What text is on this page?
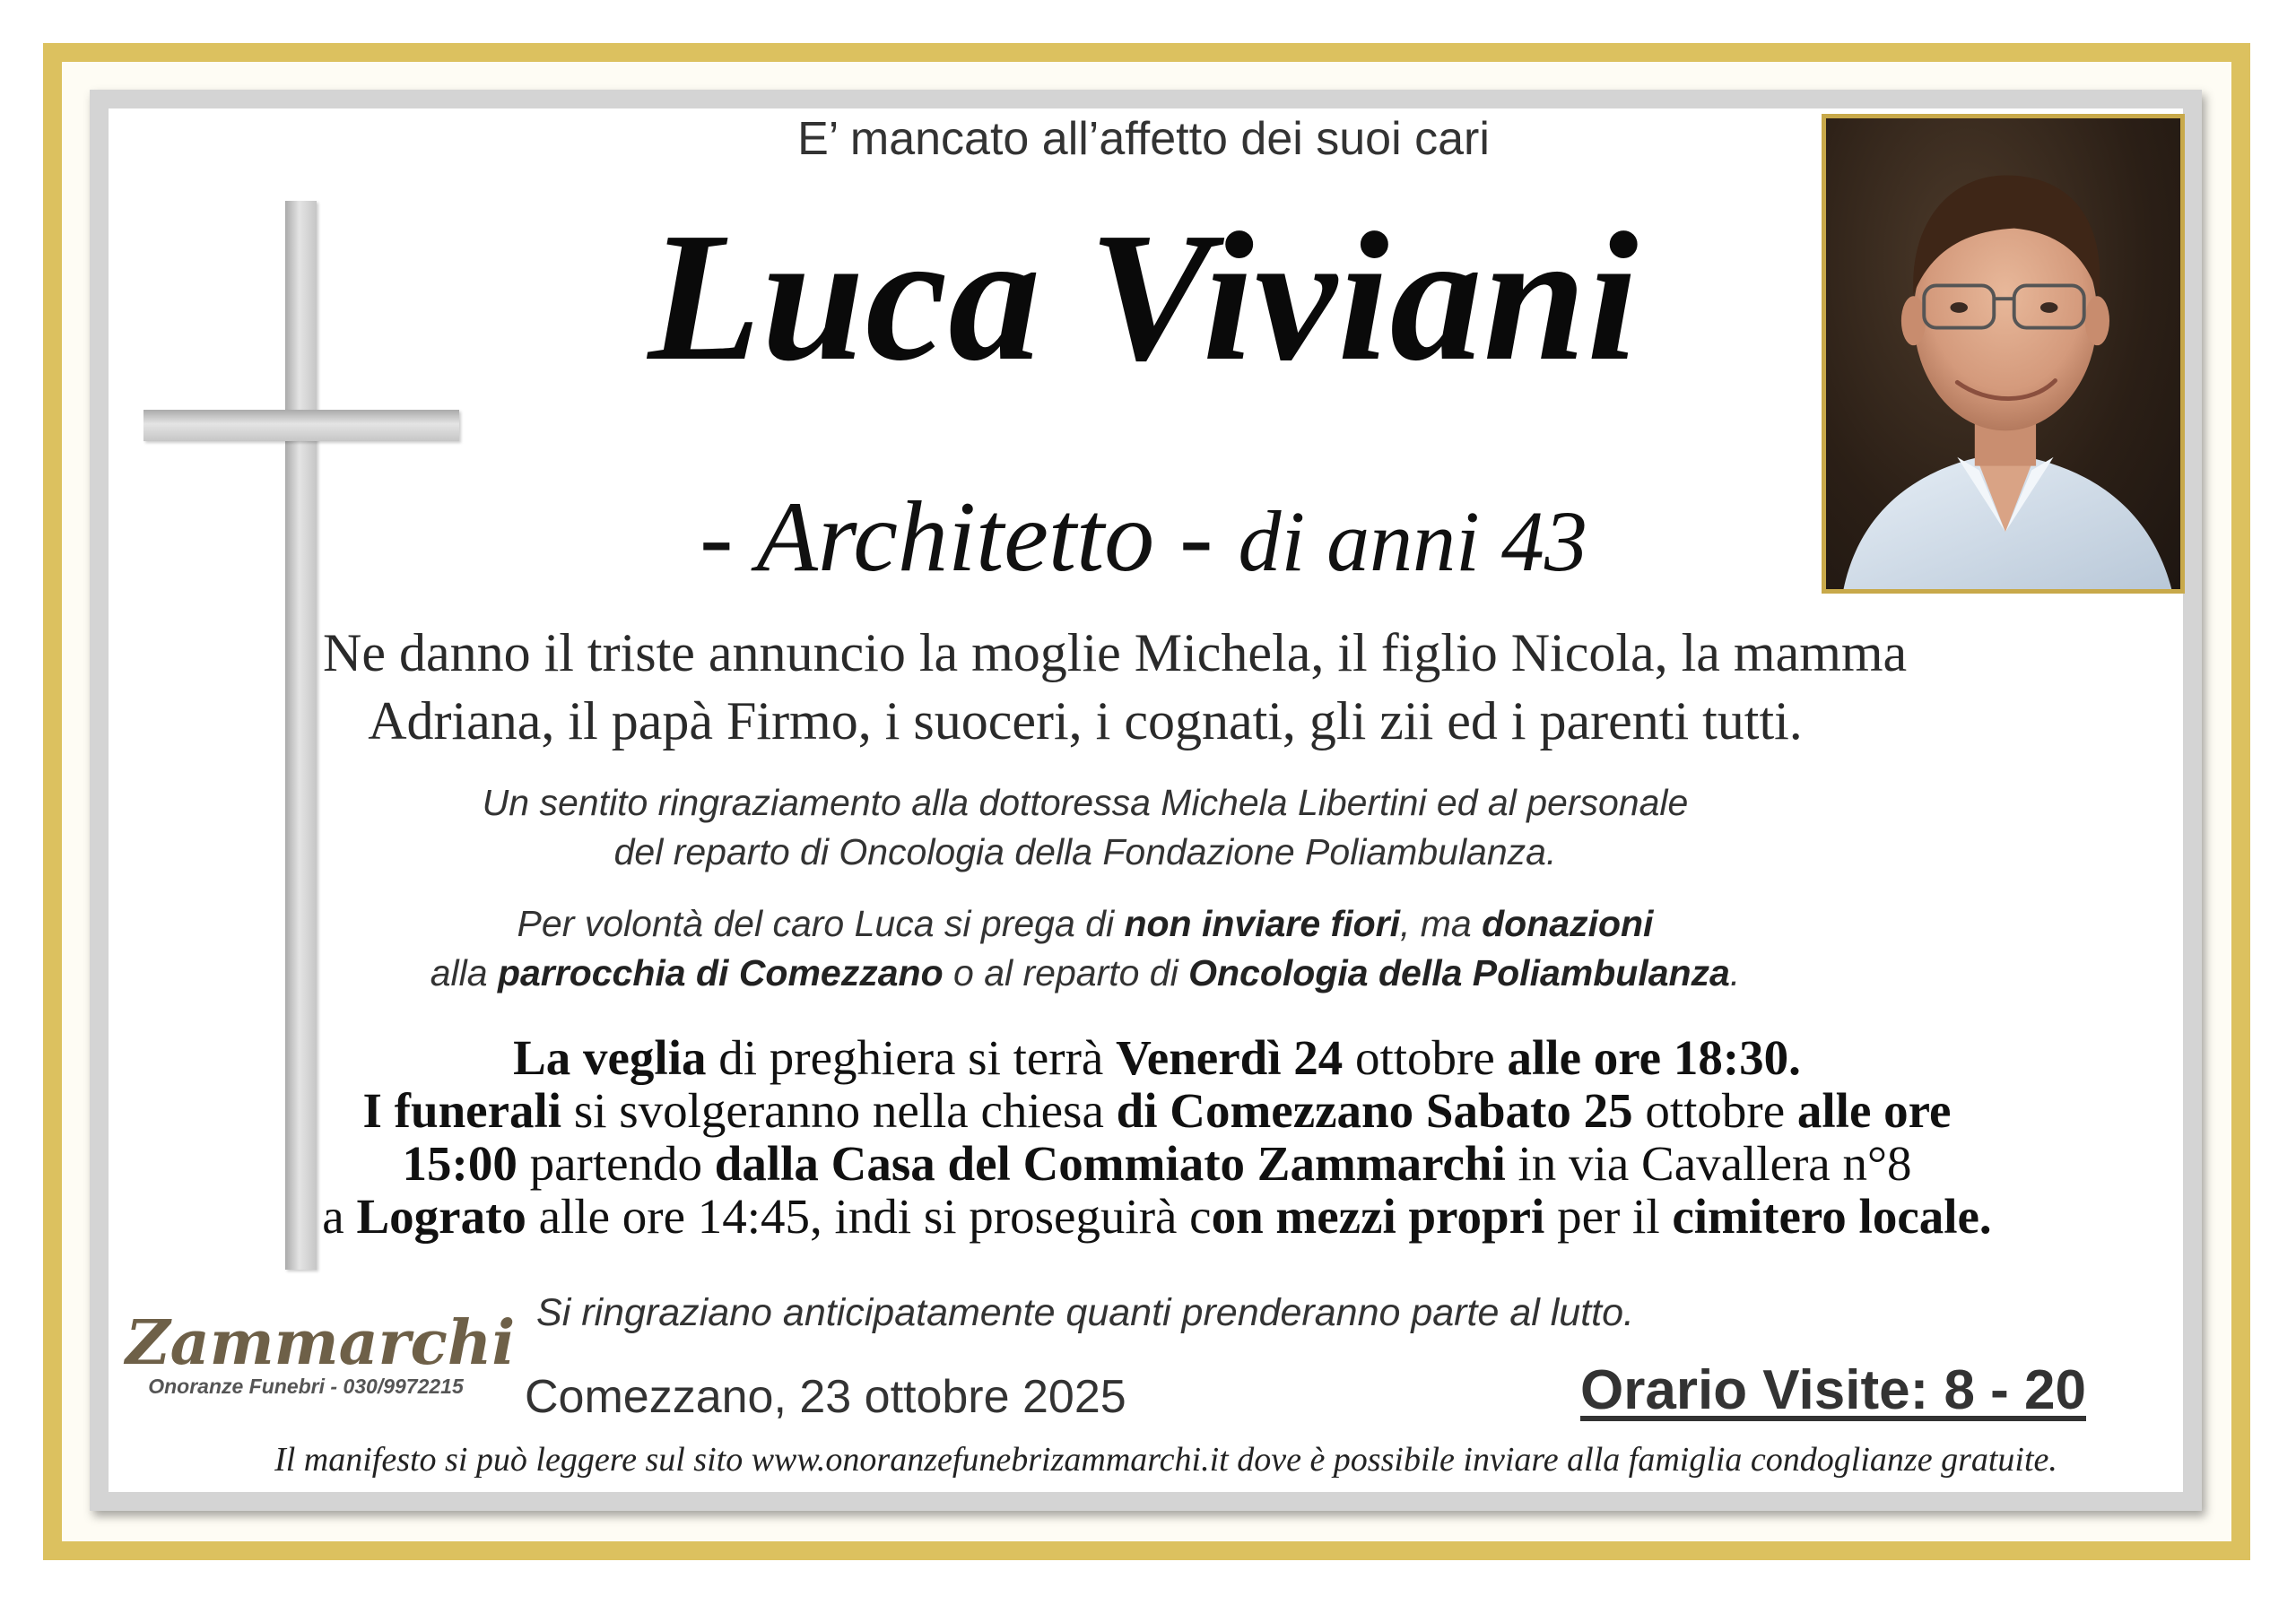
E’ mancato all’affetto dei suoi cari
Luca Viviani
- Architetto - di anni 43
Ne danno il triste annuncio la moglie Michela, il figlio Nicola, la mamma
Adriana, il papà Firmo, i suoceri, i cognati, gli zii ed i parenti tutti.
Un sentito ringraziamento alla dottoressa Michela Libertini ed al personale
del reparto di Oncologia della Fondazione Poliambulanza.
Per volontà del caro Luca si prega di non inviare fiori, ma donazioni
alla parrocchia di Comezzano o al reparto di Oncologia della Poliambulanza.
La veglia di preghiera si terrà Venerdì 24 ottobre alle ore 18:30.
I funerali si svolgeranno nella chiesa di Comezzano Sabato 25 ottobre alle ore
15:00 partendo dalla Casa del Commiato Zammarchi in via Cavallera n°8
a Lograto alle ore 14:45, indi si proseguirà con mezzi propri per il cimitero locale.
Si ringraziano anticipatamente quanti prenderanno parte al lutto.
Zammarchi
Onoranze Funebri - 030/9972215	Comezzano, 23 ottobre 2025	Orario Visite: 8 - 20
Il manifesto si può leggere sul sito www.onoranzefunebrizammarchi.it dove è possibile inviare alla famiglia condoglianze gratuite.
